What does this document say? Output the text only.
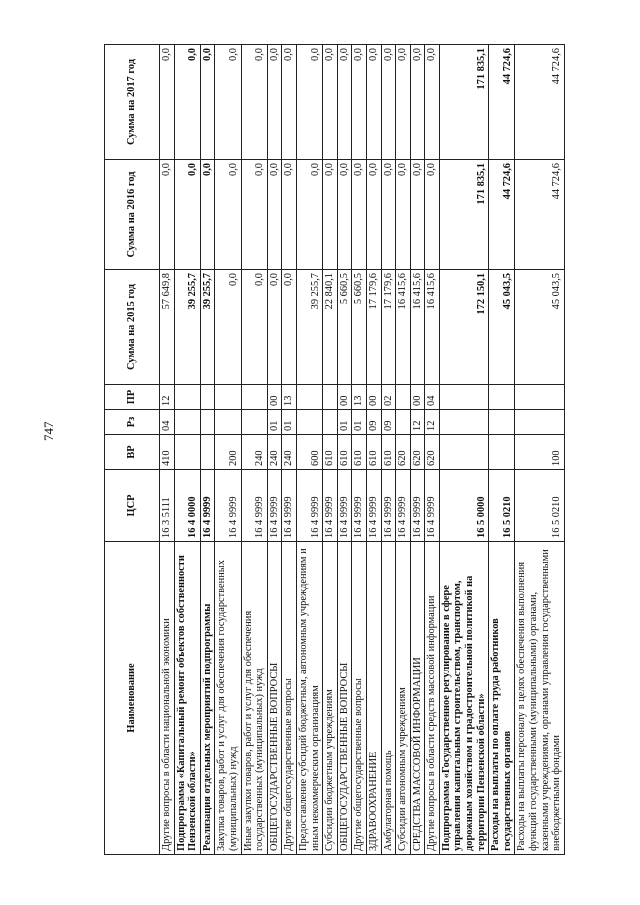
747
Наименование	ЦСР	ВР	Рз	ПР	Сумма на 2015 год	Сумма на 2016 год	Сумма на 2017 год
Другие вопросы в области национальной экономики	16 3 5111	410	04	12	57 649,8	0,0	0,0
Подпрограмма «Капитальный ремонт объектов собственности Пензенской области»	16 4 0000				39 255,7	0,0	0,0
Реализация отдельных мероприятий подпрограммы	16 4 9999				39 255,7	0,0	0,0
Закупка товаров, работ и услуг для обеспечения государственных (муниципальных) нужд	16 4 9999	200			0,0	0,0	0,0
Иные закупки товаров, работ и услуг для обеспечения государственных (муниципальных) нужд	16 4 9999	240			0,0	0,0	0,0
ОБЩЕГОСУДАРСТВЕННЫЕ ВОПРОСЫ	16 4 9999	240	01	00	0,0	0,0	0,0
Другие общегосударственные вопросы	16 4 9999	240	01	13	0,0	0,0	0,0
Предоставление субсидий бюджетным, автономным учреждениям и иным некоммерческим организациям	16 4 9999	600			39 255,7	0,0	0,0
Субсидии бюджетным учреждениям	16 4 9999	610			22 840,1	0,0	0,0
ОБЩЕГОСУДАРСТВЕННЫЕ ВОПРОСЫ	16 4 9999	610	01	00	5 660,5	0,0	0,0
Другие общегосударственные вопросы	16 4 9999	610	01	13	5 660,5	0,0	0,0
ЗДРАВООХРАНЕНИЕ	16 4 9999	610	09	00	17 179,6	0,0	0,0
Амбулаторная помощь	16 4 9999	610	09	02	17 179,6	0,0	0,0
Субсидии автономным учреждениям	16 4 9999	620			16 415,6	0,0	0,0
СРЕДСТВА МАССОВОЙ ИНФОРМАЦИИ	16 4 9999	620	12	00	16 415,6	0,0	0,0
Другие вопросы в области средств массовой информации	16 4 9999	620	12	04	16 415,6	0,0	0,0
Подпрограмма «Государственное регулирование в сфере управления капитальным строительством, транспортом, дорожным хозяйством и градостроительной политикой на территории Пензенской области»	16 5 0000				172 150,1	171 835,1	171 835,1
Расходы на выплаты по оплате труда работников государственных органов	16 5 0210				45 043,5	44 724,6	44 724,6
Расходы на выплаты персоналу в целях обеспечения выполнения функций государственными (муниципальными) органами, казенными учреждениями, органами управления государственными внебюджетными фондами	16 5 0210	100			45 043,5	44 724,6	44 724,6
